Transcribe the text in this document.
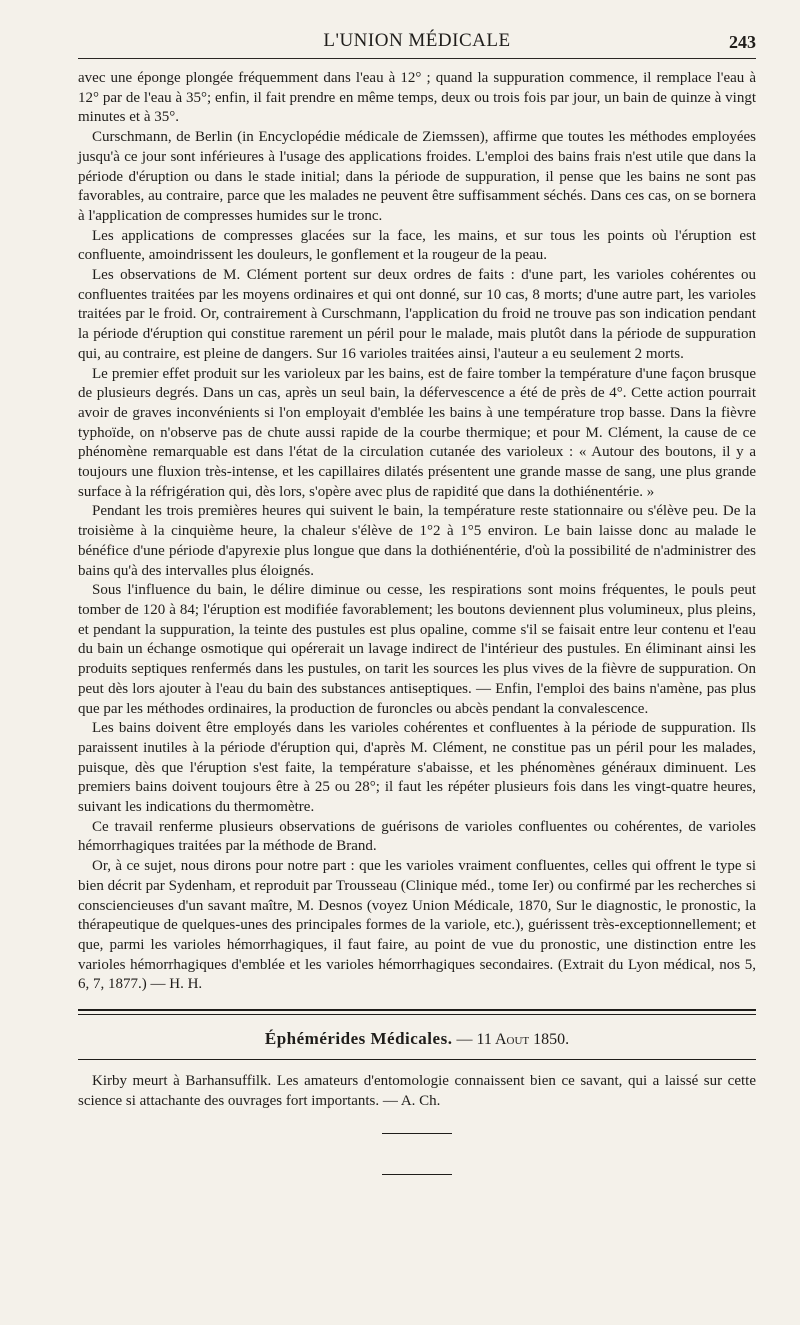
L'UNION MÉDICALE	243

avec une éponge plongée fréquemment dans l'eau à 12° ; quand la suppuration commence, il remplace l'eau à 12° par de l'eau à 35°; enfin, il fait prendre en même temps, deux ou trois fois par jour, un bain de quinze à vingt minutes et à 35°.

Curschmann, de Berlin (in Encyclopédie médicale de Ziemssen), affirme que toutes les méthodes employées jusqu'à ce jour sont inférieures à l'usage des applications froides. L'emploi des bains frais n'est utile que dans la période d'éruption ou dans le stade initial; dans la période de suppuration, il pense que les bains ne sont pas favorables, au contraire, parce que les malades ne peuvent être suffisamment séchés. Dans ces cas, on se bornera à l'application de compresses humides sur le tronc.

Les applications de compresses glacées sur la face, les mains, et sur tous les points où l'éruption est confluente, amoindrissent les douleurs, le gonflement et la rougeur de la peau.

Les observations de M. Clément portent sur deux ordres de faits : d'une part, les varioles cohérentes ou confluentes traitées par les moyens ordinaires et qui ont donné, sur 10 cas, 8 morts; d'une autre part, les varioles traitées par le froid. Or, contrairement à Curschmann, l'application du froid ne trouve pas son indication pendant la période d'éruption qui constitue rarement un péril pour le malade, mais plutôt dans la période de suppuration qui, au contraire, est pleine de dangers. Sur 16 varioles traitées ainsi, l'auteur a eu seulement 2 morts.

Le premier effet produit sur les varioleux par les bains, est de faire tomber la température d'une façon brusque de plusieurs degrés. Dans un cas, après un seul bain, la défervescence a été de près de 4°. Cette action pourrait avoir de graves inconvénients si l'on employait d'emblée les bains à une température trop basse. Dans la fièvre typhoïde, on n'observe pas de chute aussi rapide de la courbe thermique; et pour M. Clément, la cause de ce phénomène remarquable est dans l'état de la circulation cutanée des varioleux : « Autour des boutons, il y a toujours une fluxion très-intense, et les capillaires dilatés présentent une grande masse de sang, une plus grande surface à la réfrigération qui, dès lors, s'opère avec plus de rapidité que dans la dothiénentérie. »

Pendant les trois premières heures qui suivent le bain, la température reste stationnaire ou s'élève peu. De la troisième à la cinquième heure, la chaleur s'élève de 1°2 à 1°5 environ. Le bain laisse donc au malade le bénéfice d'une période d'apyrexie plus longue que dans la dothiénentérie, d'où la possibilité de n'administrer des bains qu'à des intervalles plus éloignés.

Sous l'influence du bain, le délire diminue ou cesse, les respirations sont moins fréquentes, le pouls peut tomber de 120 à 84; l'éruption est modifiée favorablement; les boutons deviennent plus volumineux, plus pleins, et pendant la suppuration, la teinte des pustules est plus opaline, comme s'il se faisait entre leur contenu et l'eau du bain un échange osmotique qui opérerait un lavage indirect de l'intérieur des pustules. En éliminant ainsi les produits septiques renfermés dans les pustules, on tarit les sources les plus vives de la fièvre de suppuration. On peut dès lors ajouter à l'eau du bain des substances antiseptiques. — Enfin, l'emploi des bains n'amène, pas plus que par les méthodes ordinaires, la production de furoncles ou abcès pendant la convalescence.

Les bains doivent être employés dans les varioles cohérentes et confluentes à la période de suppuration. Ils paraissent inutiles à la période d'éruption qui, d'après M. Clément, ne constitue pas un péril pour les malades, puisque, dès que l'éruption s'est faite, la température s'abaisse, et les phénomènes généraux diminuent. Les premiers bains doivent toujours être à 25 ou 28°; il faut les répéter plusieurs fois dans les vingt-quatre heures, suivant les indications du thermomètre.

Ce travail renferme plusieurs observations de guérisons de varioles confluentes ou cohérentes, de varioles hémorrhagiques traitées par la méthode de Brand.

Or, à ce sujet, nous dirons pour notre part : que les varioles vraiment confluentes, celles qui offrent le type si bien décrit par Sydenham, et reproduit par Trousseau (Clinique méd., tome Ier) ou confirmé par les recherches si consciencieuses d'un savant maître, M. Desnos (voyez Union Médicale, 1870, Sur le diagnostic, le pronostic, la thérapeutique de quelques-unes des principales formes de la variole, etc.), guérissent très-exceptionnellement; et que, parmi les varioles hémorrhagiques, il faut faire, au point de vue du pronostic, une distinction entre les varioles hémorrhagiques d'emblée et les varioles hémorrhagiques secondaires. (Extrait du Lyon médical, nos 5, 6, 7, 1877.) — H. H.

Éphémérides Médicales. — 11 Aout 1850.

Kirby meurt à Barhansuffilk. Les amateurs d'entomologie connaissent bien ce savant, qui a laissé sur cette science si attachante des ouvrages fort importants. — A. Ch.
